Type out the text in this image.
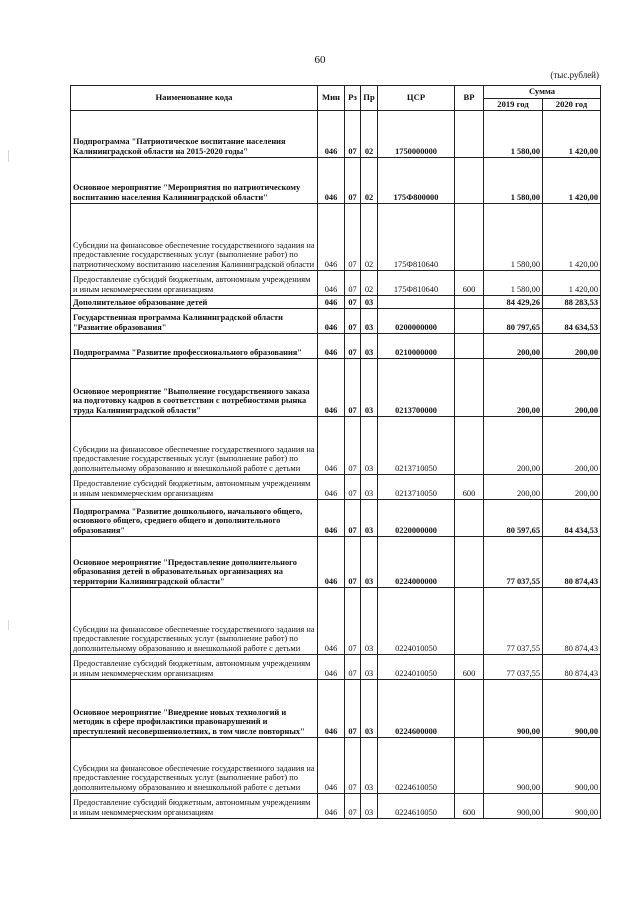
60
(тыс.рублей)
Наименование кода	Мин	Рз	Пр	ЦСР	ВР	Сумма	
						2019 год	2020 год
Подпрограмма "Патриотическое воспитание населения Калининградской области на 2015-2020 годы"	046	07	02	1750000000		1 580,00	1 420,00
Основное мероприятие "Мероприятия по патриотическому воспитанию населения Калининградской области"	046	07	02	175Ф800000		1 580,00	1 420,00
Субсидии на финансовое обеспечение государственного задания на предоставление государственных услуг (выполнение работ) по патриотическому воспитанию населения Калининградской области	046	07	02	175Ф810640		1 580,00	1 420,00
Предоставление субсидий бюджетным, автономным учреждениям и иным некоммерческим организациям	046	07	02	175Ф810640	600	1 580,00	1 420,00
Дополнительное образование детей	046	07	03			84 429,26	88 283,53
Государственная программа Калининградской области "Развитие образования"	046	07	03	0200000000		80 797,65	84 634,53
Подпрограмма "Развитие профессионального образования"	046	07	03	0210000000		200,00	200,00
Основное мероприятие "Выполнение государственного заказа на подготовку кадров в соответствии с потребностями рынка труда Калининградской области"	046	07	03	0213700000		200,00	200,00
Субсидии на финансовое обеспечение государственного задания на предоставление государственных услуг (выполнение работ) по дополнительному образованию и внешкольной работе с детьми	046	07	03	0213710050		200,00	200,00
Предоставление субсидий бюджетным, автономным учреждениям и иным некоммерческим организациям	046	07	03	0213710050	600	200,00	200,00
Подпрограмма "Развитие дошкольного, начального общего, основного общего, среднего общего и дополнительного образования"	046	07	03	0220000000		80 597,65	84 434,53
Основное мероприятие "Предоставление дополнительного образования детей в образовательных организациях на территории Калининградской области"	046	07	03	0224000000		77 037,55	80 874,43
Субсидии на финансовое обеспечение государственного задания на предоставление государственных услуг (выполнение работ) по дополнительному образованию и внешкольной работе с детьми	046	07	03	0224010050		77 037,55	80 874,43
Предоставление субсидий бюджетным, автономным учреждениям и иным некоммерческим организациям	046	07	03	0224010050	600	77 037,55	80 874,43
Основное мероприятие "Внедрение новых технологий и методик в сфере профилактики правонарушений и преступлений несовершеннолетних, в том числе повторных"	046	07	03	0224600000		900,00	900,00
Субсидии на финансовое обеспечение государственного задания на предоставление государственных услуг (выполнение работ) по дополнительному образованию и внешкольной работе с детьми	046	07	03	0224610050		900,00	900,00
Предоставление субсидий бюджетным, автономным учреждениям и иным некоммерческим организациям	046	07	03	0224610050	600	900,00	900,00
